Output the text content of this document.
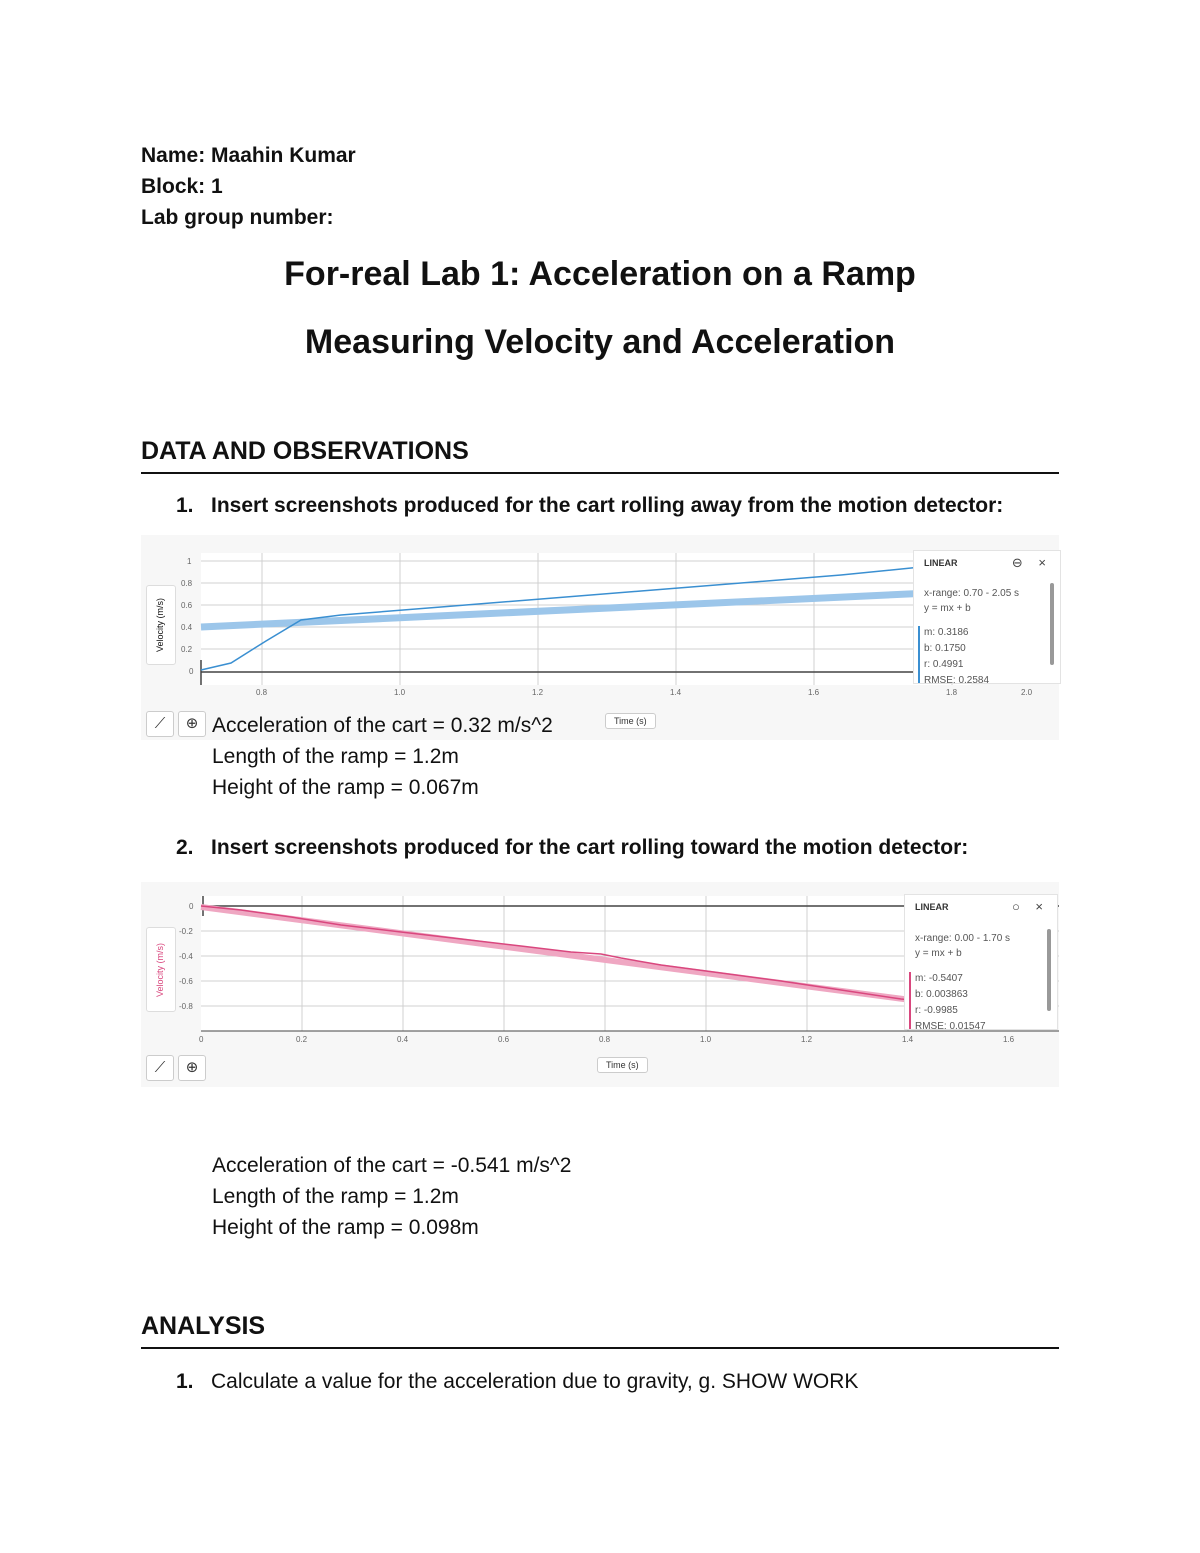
Name: Maahin Kumar
Block: 1
Lab group number:
For-real Lab 1: Acceleration on a Ramp
Measuring Velocity and Acceleration
DATA AND OBSERVATIONS
1. Insert screenshots produced for the cart rolling away from the motion detector:
1
0.8
0.6
0.4
0.2
0
0.8	1.0	1.2	1.4	1.6	1.8	2.0
Velocity (m/s)
LINEAR	⊖ ×
x-range: 0.70 - 2.05 s
y = mx + b
m: 0.3186
b: 0.1750
r: 0.4991
RMSE: 0.2584
⟋	⊕	Time (s)
Acceleration of the cart = 0.32 m/s^2
Length of the ramp = 1.2m
Height of the ramp = 0.067m
2. Insert screenshots produced for the cart rolling toward the motion detector:
0
-0.2
-0.4
-0.6
-0.8
0	0.2	0.4	0.6	0.8	1.0	1.2	1.4	1.6
Velocity (m/s)
LINEAR	○ ×
x-range: 0.00 - 1.70 s
y = mx + b
m: -0.5407
b: 0.003863
r: -0.9985
RMSE: 0.01547
⟋	⊕	Time (s)
Acceleration of the cart = -0.541 m/s^2
Length of the ramp = 1.2m
Height of the ramp = 0.098m
ANALYSIS
1. Calculate a value for the acceleration due to gravity, g. SHOW WORK
